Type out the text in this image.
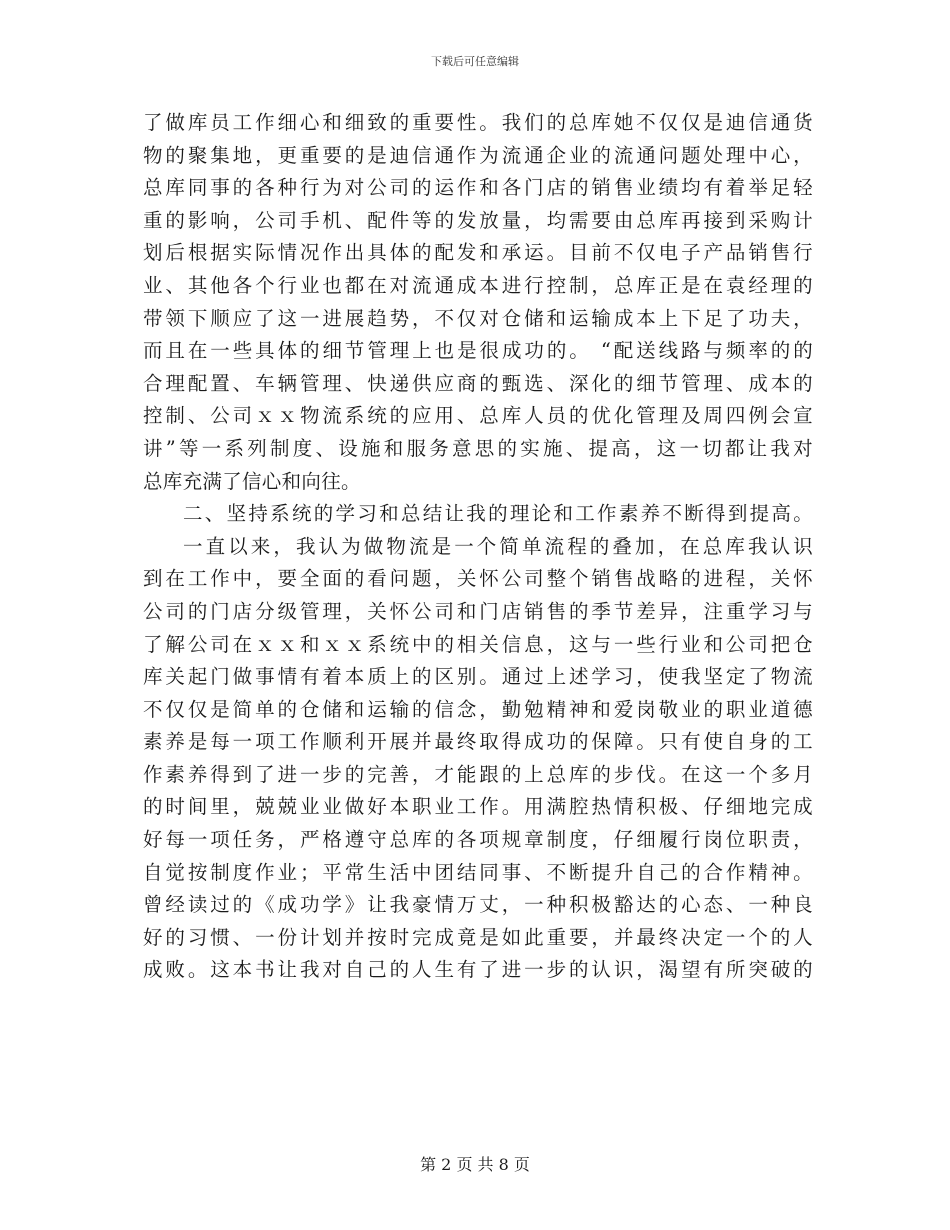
下载后可任意编辑
了做库员工作细心和细致的重要性。我们的总库她不仅仅是迪信通货
物的聚集地，更重要的是迪信通作为流通企业的流通问题处理中心，
总库同事的各种行为对公司的运作和各门店的销售业绩均有着举足轻
重的影响，公司手机、配件等的发放量，均需要由总库再接到采购计
划后根据实际情况作出具体的配发和承运。目前不仅电子产品销售行
业、其他各个行业也都在对流通成本进行控制，总库正是在袁经理的
带领下顺应了这一进展趋势，不仅对仓储和运输成本上下足了功夫，
而且在一些具体的细节管理上也是很成功的。 “配送线路与频率的的
合理配置、车辆管理、快递供应商的甄选、深化的细节管理、成本的
控制、公司ｘｘ物流系统的应用、总库人员的优化管理及周四例会宣
讲”等一系列制度、设施和服务意思的实施、提高，这一切都让我对
总库充满了信心和向往。
二、坚持系统的学习和总结让我的理论和工作素养不断得到提高。
一直以来，我认为做物流是一个简单流程的叠加，在总库我认识
到在工作中，要全面的看问题，关怀公司整个销售战略的进程，关怀
公司的门店分级管理，关怀公司和门店销售的季节差异，注重学习与
了解公司在ｘｘ和ｘｘ系统中的相关信息，这与一些行业和公司把仓
库关起门做事情有着本质上的区别。通过上述学习，使我坚定了物流
不仅仅是简单的仓储和运输的信念，勤勉精神和爱岗敬业的职业道德
素养是每一项工作顺利开展并最终取得成功的保障。只有使自身的工
作素养得到了进一步的完善，才能跟的上总库的步伐。在这一个多月
的时间里，兢兢业业做好本职业工作。用满腔热情积极、仔细地完成
好每一项任务，严格遵守总库的各项规章制度，仔细履行岗位职责，
自觉按制度作业；平常生活中团结同事、不断提升自己的合作精神。
曾经读过的《成功学》让我豪情万丈，一种积极豁达的心态、一种良
好的习惯、一份计划并按时完成竟是如此重要，并最终决定一个的人
成败。这本书让我对自己的人生有了进一步的认识，渴望有所突破的
第 2 页 共 8 页
